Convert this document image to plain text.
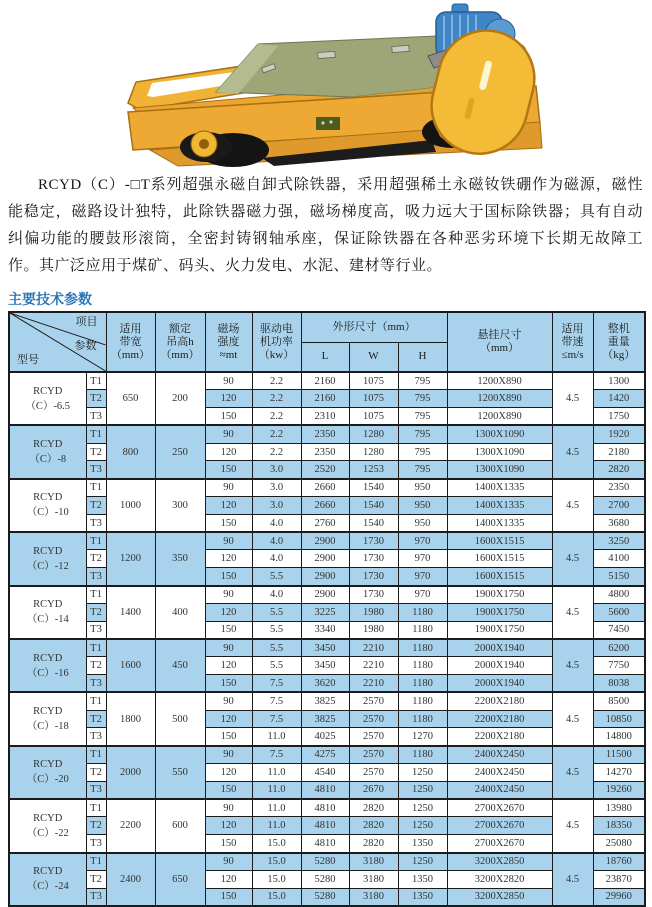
RCYD（C）-□T系列超强永磁自卸式除铁器，采用超强稀土永磁钕铁硼作为磁源，磁性能稳定，磁路设计独特，此除铁器磁力强，磁场梯度高，吸力远大于国标除铁器；具有自动纠偏功能的腰鼓形滚筒，全密封铸钢轴承座，保证除铁器在各种恶劣环境下长期无故障工作。其广泛应用于煤矿、码头、火力发电、水泥、建材等行业。

主要技术参数
项目
参数
型号		适用
带宽
（mm）	额定
吊高h
（mm）	磁场
强度
≈mt	驱动电
机功率
（kw）	外形尺寸（mm）			悬挂尺寸
（mm）	适用
带速
≤m/s	整机
重量
（kg）
						L	W	H			
RCYD
（C）-6.5	T1	650	200	90	2.2	2160	1075	795	1200X890	4.5	1300
	T2			120	2.2	2160	1075	795	1200X890		1420
	T3			150	2.2	2310	1075	795	1200X890		1750
RCYD
（C）-8	T1	800	250	90	2.2	2350	1280	795	1300X1090	4.5	1920
	T2			120	2.2	2350	1280	795	1300X1090		2180
	T3			150	3.0	2520	1253	795	1300X1090		2820
RCYD
（C）-10	T1	1000	300	90	3.0	2660	1540	950	1400X1335	4.5	2350
	T2			120	3.0	2660	1540	950	1400X1335		2700
	T3			150	4.0	2760	1540	950	1400X1335		3680
RCYD
（C）-12	T1	1200	350	90	4.0	2900	1730	970	1600X1515	4.5	3250
	T2			120	4.0	2900	1730	970	1600X1515		4100
	T3			150	5.5	2900	1730	970	1600X1515		5150
RCYD
（C）-14	T1	1400	400	90	4.0	2900	1730	970	1900X1750	4.5	4800
	T2			120	5.5	3225	1980	1180	1900X1750		5600
	T3			150	5.5	3340	1980	1180	1900X1750		7450
RCYD
（C）-16	T1	1600	450	90	5.5	3450	2210	1180	2000X1940	4.5	6200
	T2			120	5.5	3450	2210	1180	2000X1940		7750
	T3			150	7.5	3620	2210	1180	2000X1940		8038
RCYD
（C）-18	T1	1800	500	90	7.5	3825	2570	1180	2200X2180	4.5	8500
	T2			120	7.5	3825	2570	1180	2200X2180		10850
	T3			150	11.0	4025	2570	1270	2200X2180		14800
RCYD
（C）-20	T1	2000	550	90	7.5	4275	2570	1180	2400X2450	4.5	11500
	T2			120	11.0	4540	2570	1250	2400X2450		14270
	T3			150	11.0	4810	2670	1250	2400X2450		19260
RCYD
（C）-22	T1	2200	600	90	11.0	4810	2820	1250	2700X2670	4.5	13980
	T2			120	11.0	4810	2820	1250	2700X2670		18350
	T3			150	15.0	4810	2820	1350	2700X2670		25080
RCYD
（C）-24	T1	2400	650	90	15.0	5280	3180	1250	3200X2850	4.5	18760
	T2			120	15.0	5280	3180	1350	3200X2820		23870
	T3			150	15.0	5280	3180	1350	3200X2850		29960
